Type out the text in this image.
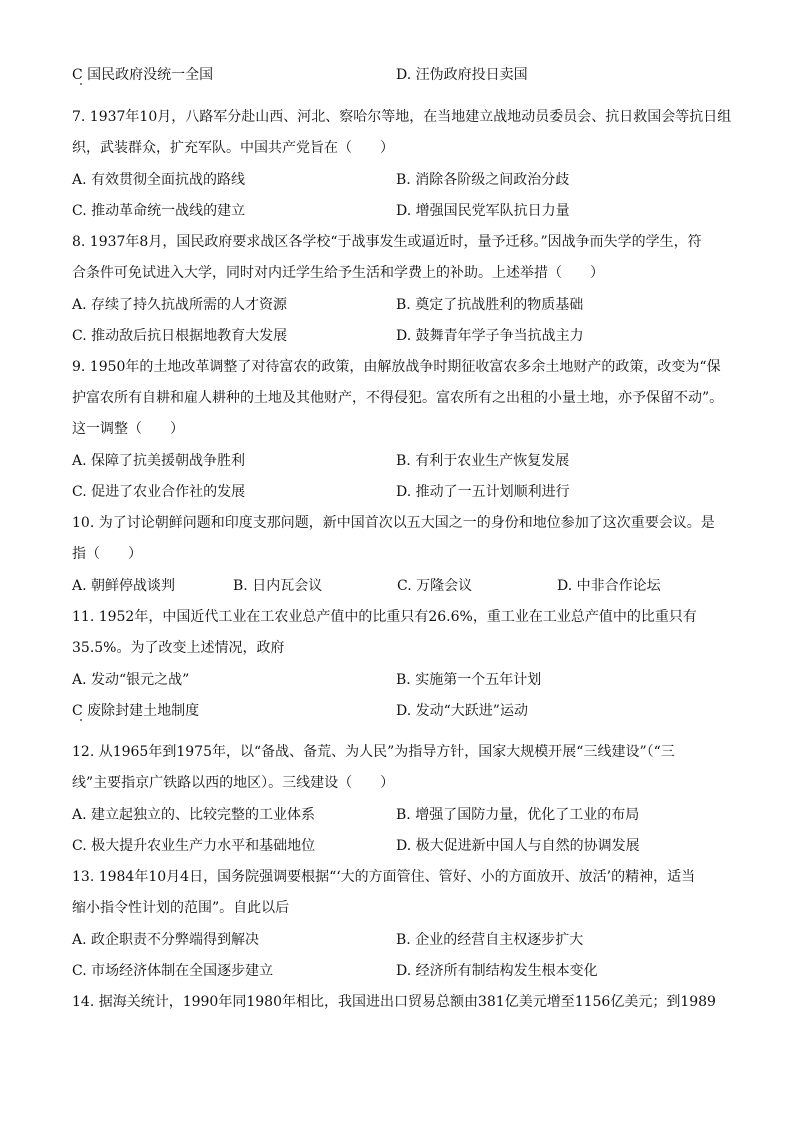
C 国民政府没统一全国	D. 汪伪政府投日卖国
7. 1937年10月，八路军分赴山西、河北、察哈尔等地，在当地建立战地动员委员会、抗日救国会等抗日组
织，武装群众，扩充军队。中国共产党旨在（　　）
A. 有效贯彻全面抗战的路线	B. 消除各阶级之间政治分歧
C. 推动革命统一战线的建立	D. 增强国民党军队抗日力量
8. 1937年8月，国民政府要求战区各学校“于战事发生或逼近时，量予迁移。”因战争而失学的学生，符
合条件可免试进入大学，同时对内迁学生给予生活和学费上的补助。上述举措（　　）
A. 存续了持久抗战所需的人才资源	B. 奠定了抗战胜利的物质基础
C. 推动敌后抗日根据地教育大发展	D. 鼓舞青年学子争当抗战主力
9. 1950年的土地改革调整了对待富农的政策，由解放战争时期征收富农多余土地财产的政策，改变为“保
护富农所有自耕和雇人耕种的土地及其他财产，不得侵犯。富农所有之出租的小量土地，亦予保留不动”。
这一调整（　　）
A. 保障了抗美援朝战争胜利	B. 有利于农业生产恢复发展
C. 促进了农业合作社的发展	D. 推动了一五计划顺利进行
10. 为了讨论朝鲜问题和印度支那问题，新中国首次以五大国之一的身份和地位参加了这次重要会议。是
指（　　）
A. 朝鲜停战谈判	B. 日内瓦会议	C. 万隆会议	D. 中非合作论坛
11. 1952年，中国近代工业在工农业总产值中的比重只有26.6%，重工业在工业总产值中的比重只有
35.5%。为了改变上述情况，政府
A. 发动“银元之战”	B. 实施第一个五年计划
C 废除封建土地制度	D. 发动“大跃进”运动
12. 从1965年到1975年，以“备战、备荒、为人民”为指导方针，国家大规模开展“三线建设”（“三
线”主要指京广铁路以西的地区）。三线建设（　　）
A. 建立起独立的、比较完整的工业体系	B. 增强了国防力量，优化了工业的布局
C. 极大提升农业生产力水平和基础地位	D. 极大促进新中国人与自然的协调发展
13. 1984年10月4日，国务院强调要根据“‘大的方面管住、管好、小的方面放开、放活’的精神，适当
缩小指令性计划的范围”。自此以后
A. 政企职责不分弊端得到解决	B. 企业的经营自主权逐步扩大
C. 市场经济体制在全国逐步建立	D. 经济所有制结构发生根本变化
14. 据海关统计，1990年同1980年相比，我国进出口贸易总额由381亿美元增至1156亿美元；到1989
